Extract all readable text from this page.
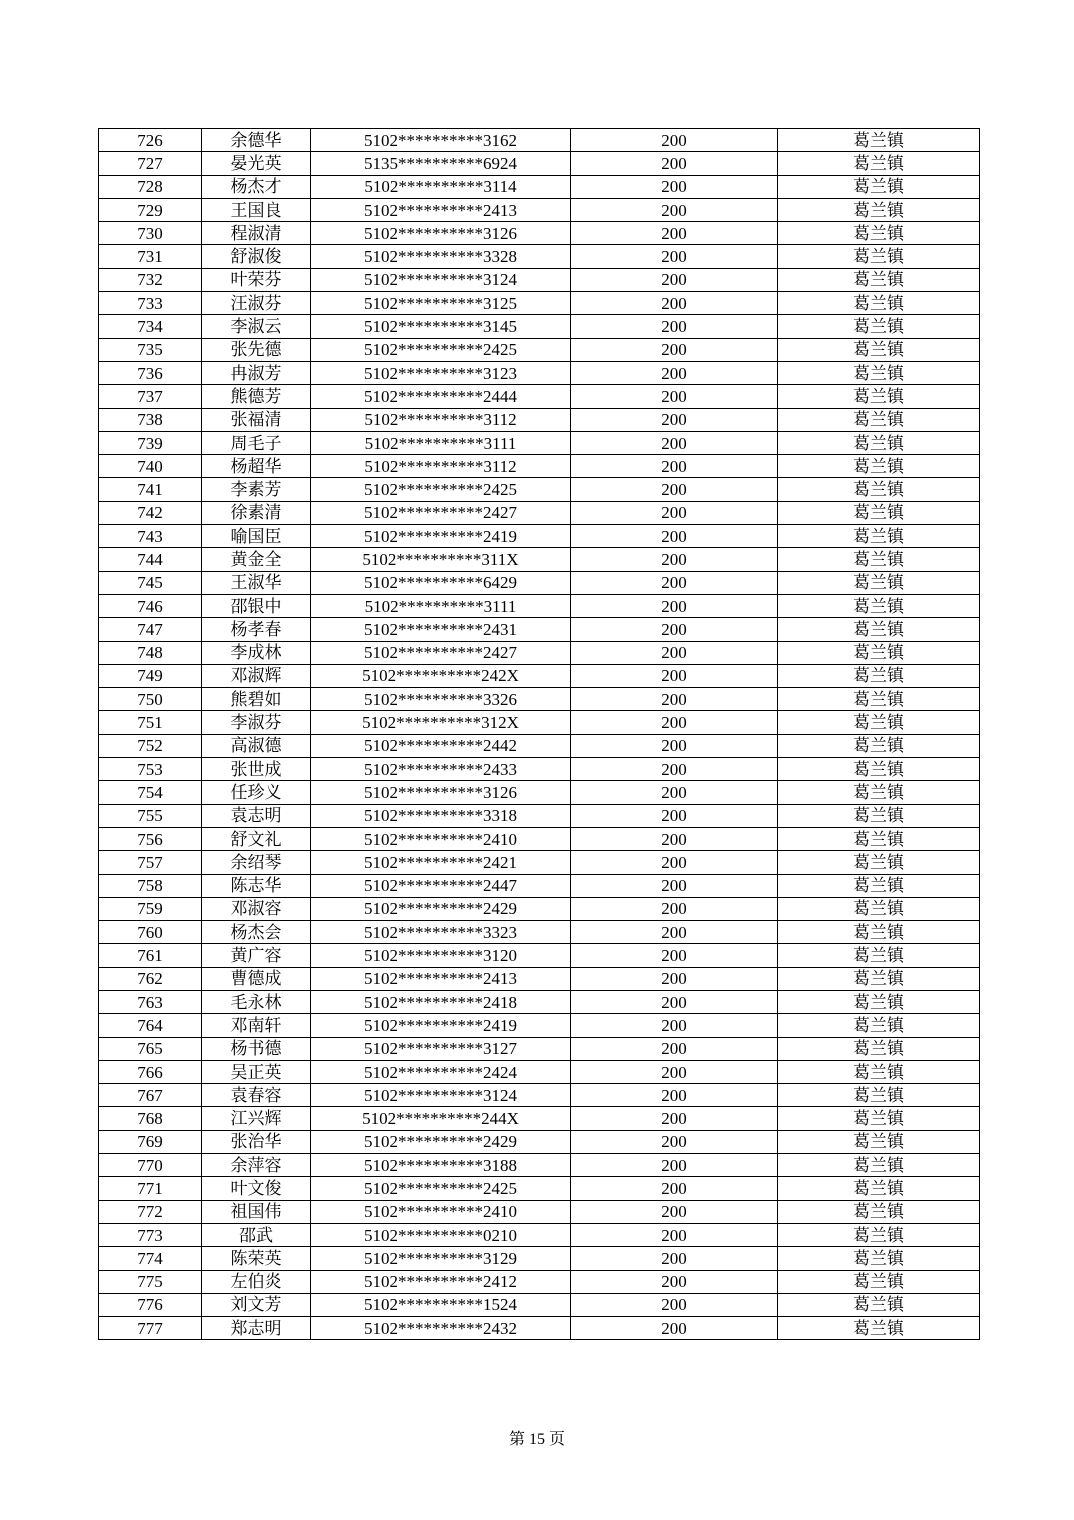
726	余德华	5102**********3162	200	葛兰镇
727	晏光英	5135**********6924	200	葛兰镇
728	杨杰才	5102**********3114	200	葛兰镇
729	王国良	5102**********2413	200	葛兰镇
730	程淑清	5102**********3126	200	葛兰镇
731	舒淑俊	5102**********3328	200	葛兰镇
732	叶荣芬	5102**********3124	200	葛兰镇
733	汪淑芬	5102**********3125	200	葛兰镇
734	李淑云	5102**********3145	200	葛兰镇
735	张先德	5102**********2425	200	葛兰镇
736	冉淑芳	5102**********3123	200	葛兰镇
737	熊德芳	5102**********2444	200	葛兰镇
738	张福清	5102**********3112	200	葛兰镇
739	周毛子	5102**********3111	200	葛兰镇
740	杨超华	5102**********3112	200	葛兰镇
741	李素芳	5102**********2425	200	葛兰镇
742	徐素清	5102**********2427	200	葛兰镇
743	喻国臣	5102**********2419	200	葛兰镇
744	黄金全	5102**********311X	200	葛兰镇
745	王淑华	5102**********6429	200	葛兰镇
746	邵银中	5102**********3111	200	葛兰镇
747	杨孝春	5102**********2431	200	葛兰镇
748	李成林	5102**********2427	200	葛兰镇
749	邓淑辉	5102**********242X	200	葛兰镇
750	熊碧如	5102**********3326	200	葛兰镇
751	李淑芬	5102**********312X	200	葛兰镇
752	高淑德	5102**********2442	200	葛兰镇
753	张世成	5102**********2433	200	葛兰镇
754	任珍义	5102**********3126	200	葛兰镇
755	袁志明	5102**********3318	200	葛兰镇
756	舒文礼	5102**********2410	200	葛兰镇
757	余绍琴	5102**********2421	200	葛兰镇
758	陈志华	5102**********2447	200	葛兰镇
759	邓淑容	5102**********2429	200	葛兰镇
760	杨杰会	5102**********3323	200	葛兰镇
761	黄广容	5102**********3120	200	葛兰镇
762	曹德成	5102**********2413	200	葛兰镇
763	毛永林	5102**********2418	200	葛兰镇
764	邓南轩	5102**********2419	200	葛兰镇
765	杨书德	5102**********3127	200	葛兰镇
766	吴正英	5102**********2424	200	葛兰镇
767	袁春容	5102**********3124	200	葛兰镇
768	江兴辉	5102**********244X	200	葛兰镇
769	张治华	5102**********2429	200	葛兰镇
770	余萍容	5102**********3188	200	葛兰镇
771	叶文俊	5102**********2425	200	葛兰镇
772	祖国伟	5102**********2410	200	葛兰镇
773	邵武	5102**********0210	200	葛兰镇
774	陈荣英	5102**********3129	200	葛兰镇
775	左伯炎	5102**********2412	200	葛兰镇
776	刘文芳	5102**********1524	200	葛兰镇
777	郑志明	5102**********2432	200	葛兰镇
第 15 页
